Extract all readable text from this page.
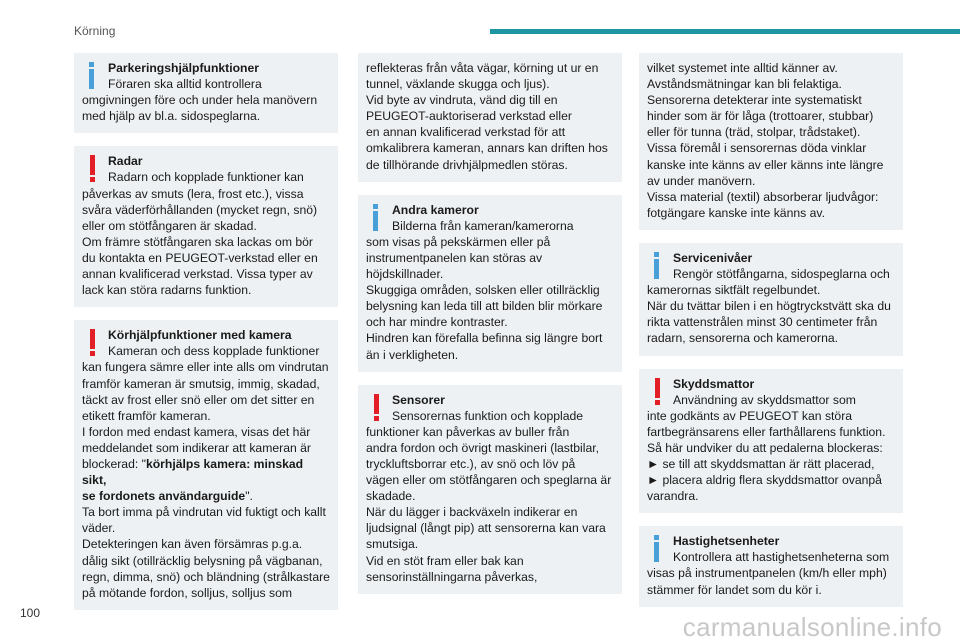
Körning

Parkeringshjälpfunktioner

Föraren ska alltid kontrollera

omgivningen före och under hela manövern

med hjälp av bl.a. sidospeglarna.

Radar

Radarn och kopplade funktioner kan

påverkas av smuts (lera, frost etc.), vissa

svåra väderförhållanden (mycket regn, snö)

eller om stötfångaren är skadad.

Om främre stötfångaren ska lackas om bör

du kontakta en PEUGEOT-verkstad eller en

annan kvalificerad verkstad. Vissa typer av

lack kan störa radarns funktion.

Körhjälpfunktioner med kamera

Kameran och dess kopplade funktioner

kan fungera sämre eller inte alls om vindrutan

framför kameran är smutsig, immig, skadad,

täckt av frost eller snö eller om det sitter en

etikett framför kameran.

I fordon med endast kamera, visas det här

meddelandet som indikerar att kameran är

blockerad: "körhjälps kamera: minskad sikt,

se fordonets användarguide".

Ta bort imma på vindrutan vid fuktigt och kallt

väder.

Detekteringen kan även försämras p.g.a.

dålig sikt (otillräcklig belysning på vägbanan,

regn, dimma, snö) och bländning (strålkastare

på mötande fordon, solljus, solljus som

reflekteras från våta vägar, körning ut ur en

tunnel, växlande skugga och ljus).

Vid byte av vindruta, vänd dig till en

PEUGEOT-auktoriserad verkstad eller

en annan kvalificerad verkstad för att

omkalibrera kameran, annars kan driften hos

de tillhörande drivhjälpmedlen störas.

Andra kameror

Bilderna från kameran/kamerorna

som visas på pekskärmen eller på

instrumentpanelen kan störas av

höjdskillnader.

Skuggiga områden, solsken eller otillräcklig

belysning kan leda till att bilden blir mörkare

och har mindre kontraster.

Hindren kan förefalla befinna sig längre bort

än i verkligheten.

Sensorer

Sensorernas funktion och kopplade

funktioner kan påverkas av buller från

andra fordon och övrigt maskineri (lastbilar,

tryckluftsborrar etc.), av snö och löv på

vägen eller om stötfångaren och speglarna är

skadade.

När du lägger i backväxeln indikerar en

ljudsignal (långt pip) att sensorerna kan vara

smutsiga.

Vid en stöt fram eller bak kan

sensorinställningarna påverkas,

vilket systemet inte alltid känner av.

Avståndsmätningar kan bli felaktiga.

Sensorerna detekterar inte systematiskt

hinder som är för låga (trottoarer, stubbar)

eller för tunna (träd, stolpar, trådstaket).

Vissa föremål i sensorernas döda vinklar

kanske inte känns av eller känns inte längre

av under manövern.

Vissa material (textil) absorberar ljudvågor:

fotgängare kanske inte känns av.

Servicenivåer

Rengör stötfångarna, sidospeglarna och

kamerornas siktfält regelbundet.

När du tvättar bilen i en högtryckstvätt ska du

rikta vattenstrålen minst 30 centimeter från

radarn, sensorerna och kamerorna.

Skyddsmattor

Användning av skyddsmattor som

inte godkänts av PEUGEOT kan störa

fartbegränsarens eller farthållarens funktion.

Så här undviker du att pedalerna blockeras:

► se till att skyddsmattan är rätt placerad,

► placera aldrig flera skyddsmattor ovanpå

varandra.

Hastighetsenheter

Kontrollera att hastighetsenheterna som

visas på instrumentpanelen (km/h eller mph)

stämmer för landet som du kör i.

100	carmanualsonline.info
